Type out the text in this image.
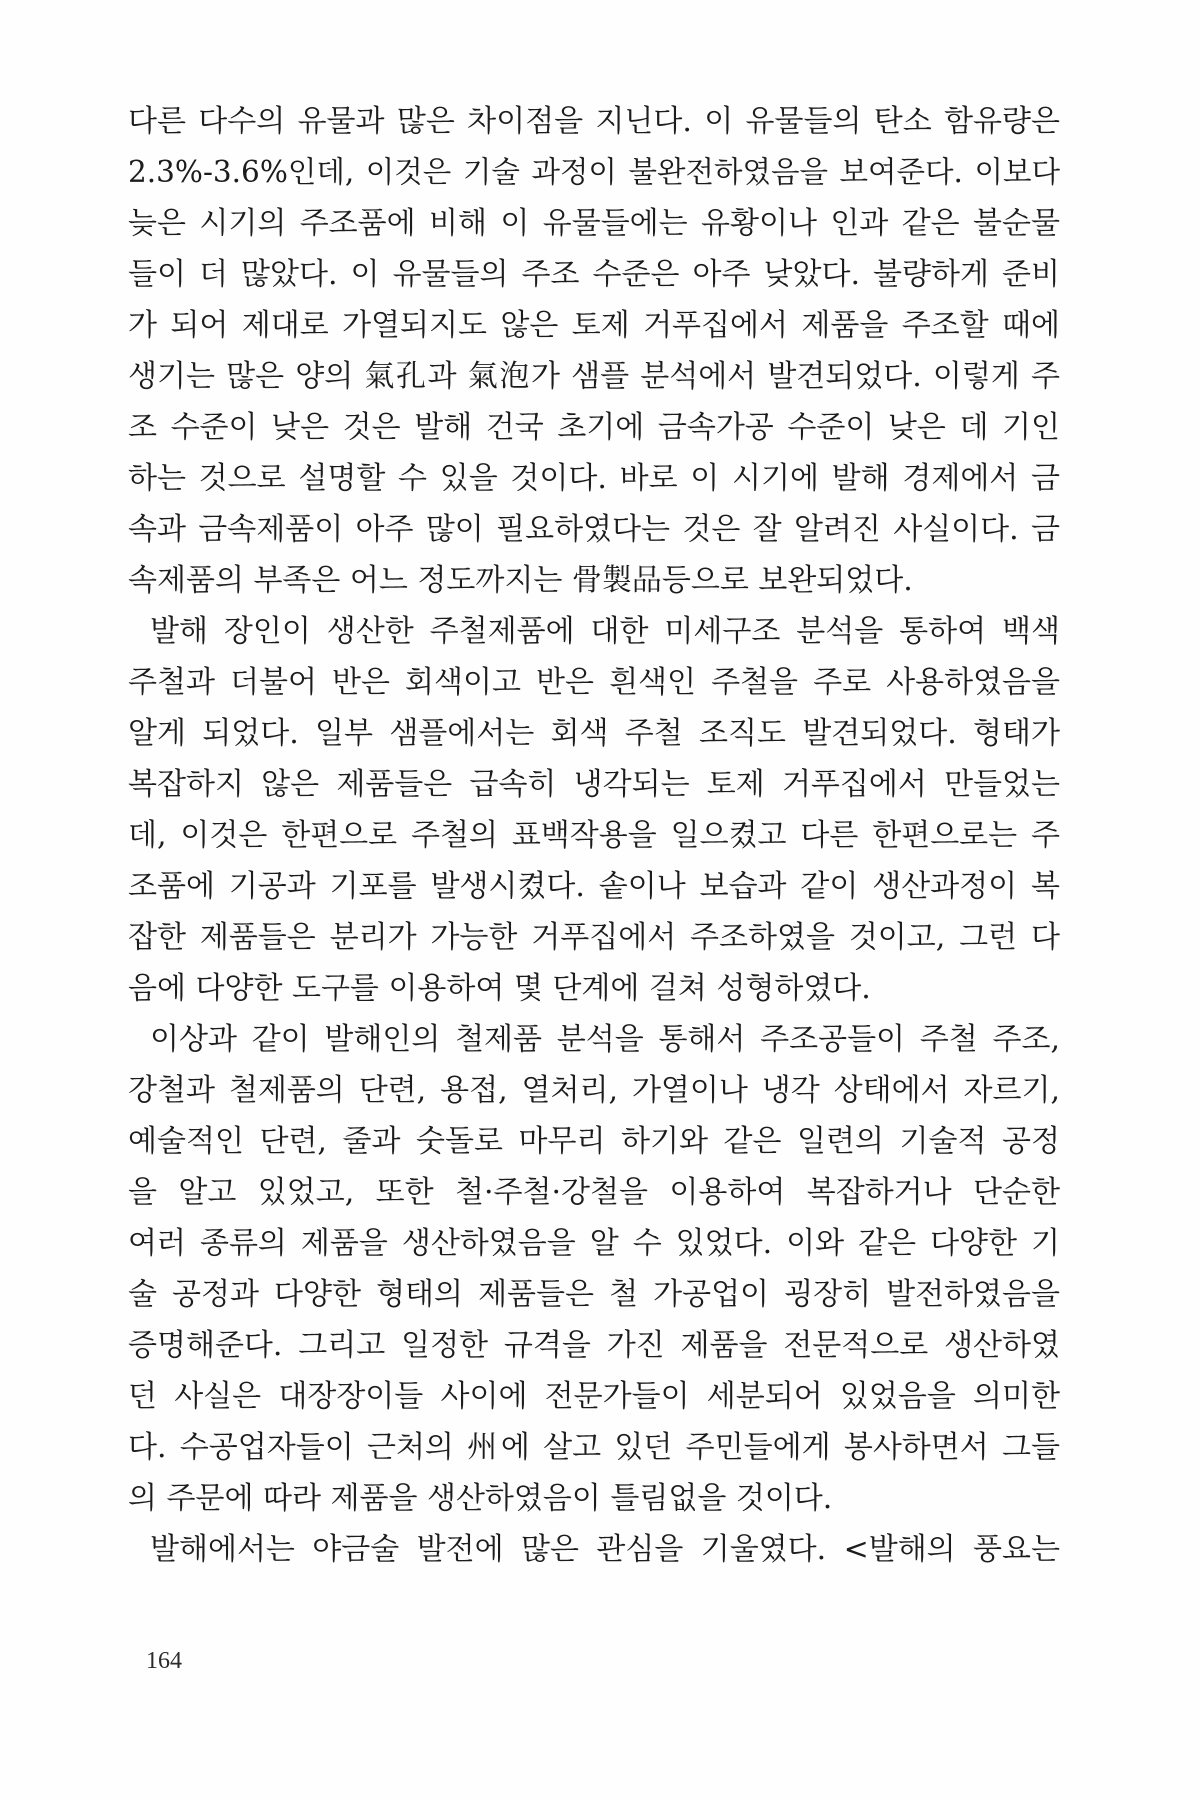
다른 다수의 유물과 많은 차이점을 지닌다. 이 유물들의 탄소 함유량은
2.3%-3.6%인데, 이것은 기술 과정이 불완전하였음을 보여준다. 이보다
늦은 시기의 주조품에 비해 이 유물들에는 유황이나 인과 같은 불순물
들이 더 많았다. 이 유물들의 주조 수준은 아주 낮았다. 불량하게 준비
가 되어 제대로 가열되지도 않은 토제 거푸집에서 제품을 주조할 때에
생기는 많은 양의 氣孔과 氣泡가 샘플 분석에서 발견되었다. 이렇게 주
조 수준이 낮은 것은 발해 건국 초기에 금속가공 수준이 낮은 데 기인
하는 것으로 설명할 수 있을 것이다. 바로 이 시기에 발해 경제에서 금
속과 금속제품이 아주 많이 필요하였다는 것은 잘 알려진 사실이다. 금
속제품의 부족은 어느 정도까지는 骨製品등으로 보완되었다.
발해 장인이 생산한 주철제품에 대한 미세구조 분석을 통하여 백색
주철과 더불어 반은 회색이고 반은 흰색인 주철을 주로 사용하였음을
알게 되었다. 일부 샘플에서는 회색 주철 조직도 발견되었다. 형태가
복잡하지 않은 제품들은 급속히 냉각되는 토제 거푸집에서 만들었는
데, 이것은 한편으로 주철의 표백작용을 일으켰고 다른 한편으로는 주
조품에 기공과 기포를 발생시켰다. 솥이나 보습과 같이 생산과정이 복
잡한 제품들은 분리가 가능한 거푸집에서 주조하였을 것이고, 그런 다
음에 다양한 도구를 이용하여 몇 단계에 걸쳐 성형하였다.
이상과 같이 발해인의 철제품 분석을 통해서 주조공들이 주철 주조,
강철과 철제품의 단련, 용접, 열처리, 가열이나 냉각 상태에서 자르기,
예술적인 단련, 줄과 숫돌로 마무리 하기와 같은 일련의 기술적 공정
을 알고 있었고, 또한 철·주철·강철을 이용하여 복잡하거나 단순한
여러 종류의 제품을 생산하였음을 알 수 있었다. 이와 같은 다양한 기
술 공정과 다양한 형태의 제품들은 철 가공업이 굉장히 발전하였음을
증명해준다. 그리고 일정한 규격을 가진 제품을 전문적으로 생산하였
던 사실은 대장장이들 사이에 전문가들이 세분되어 있었음을 의미한
다. 수공업자들이 근처의 州에 살고 있던 주민들에게 봉사하면서 그들
의 주문에 따라 제품을 생산하였음이 틀림없을 것이다.
발해에서는 야금술 발전에 많은 관심을 기울였다. <발해의 풍요는
164
